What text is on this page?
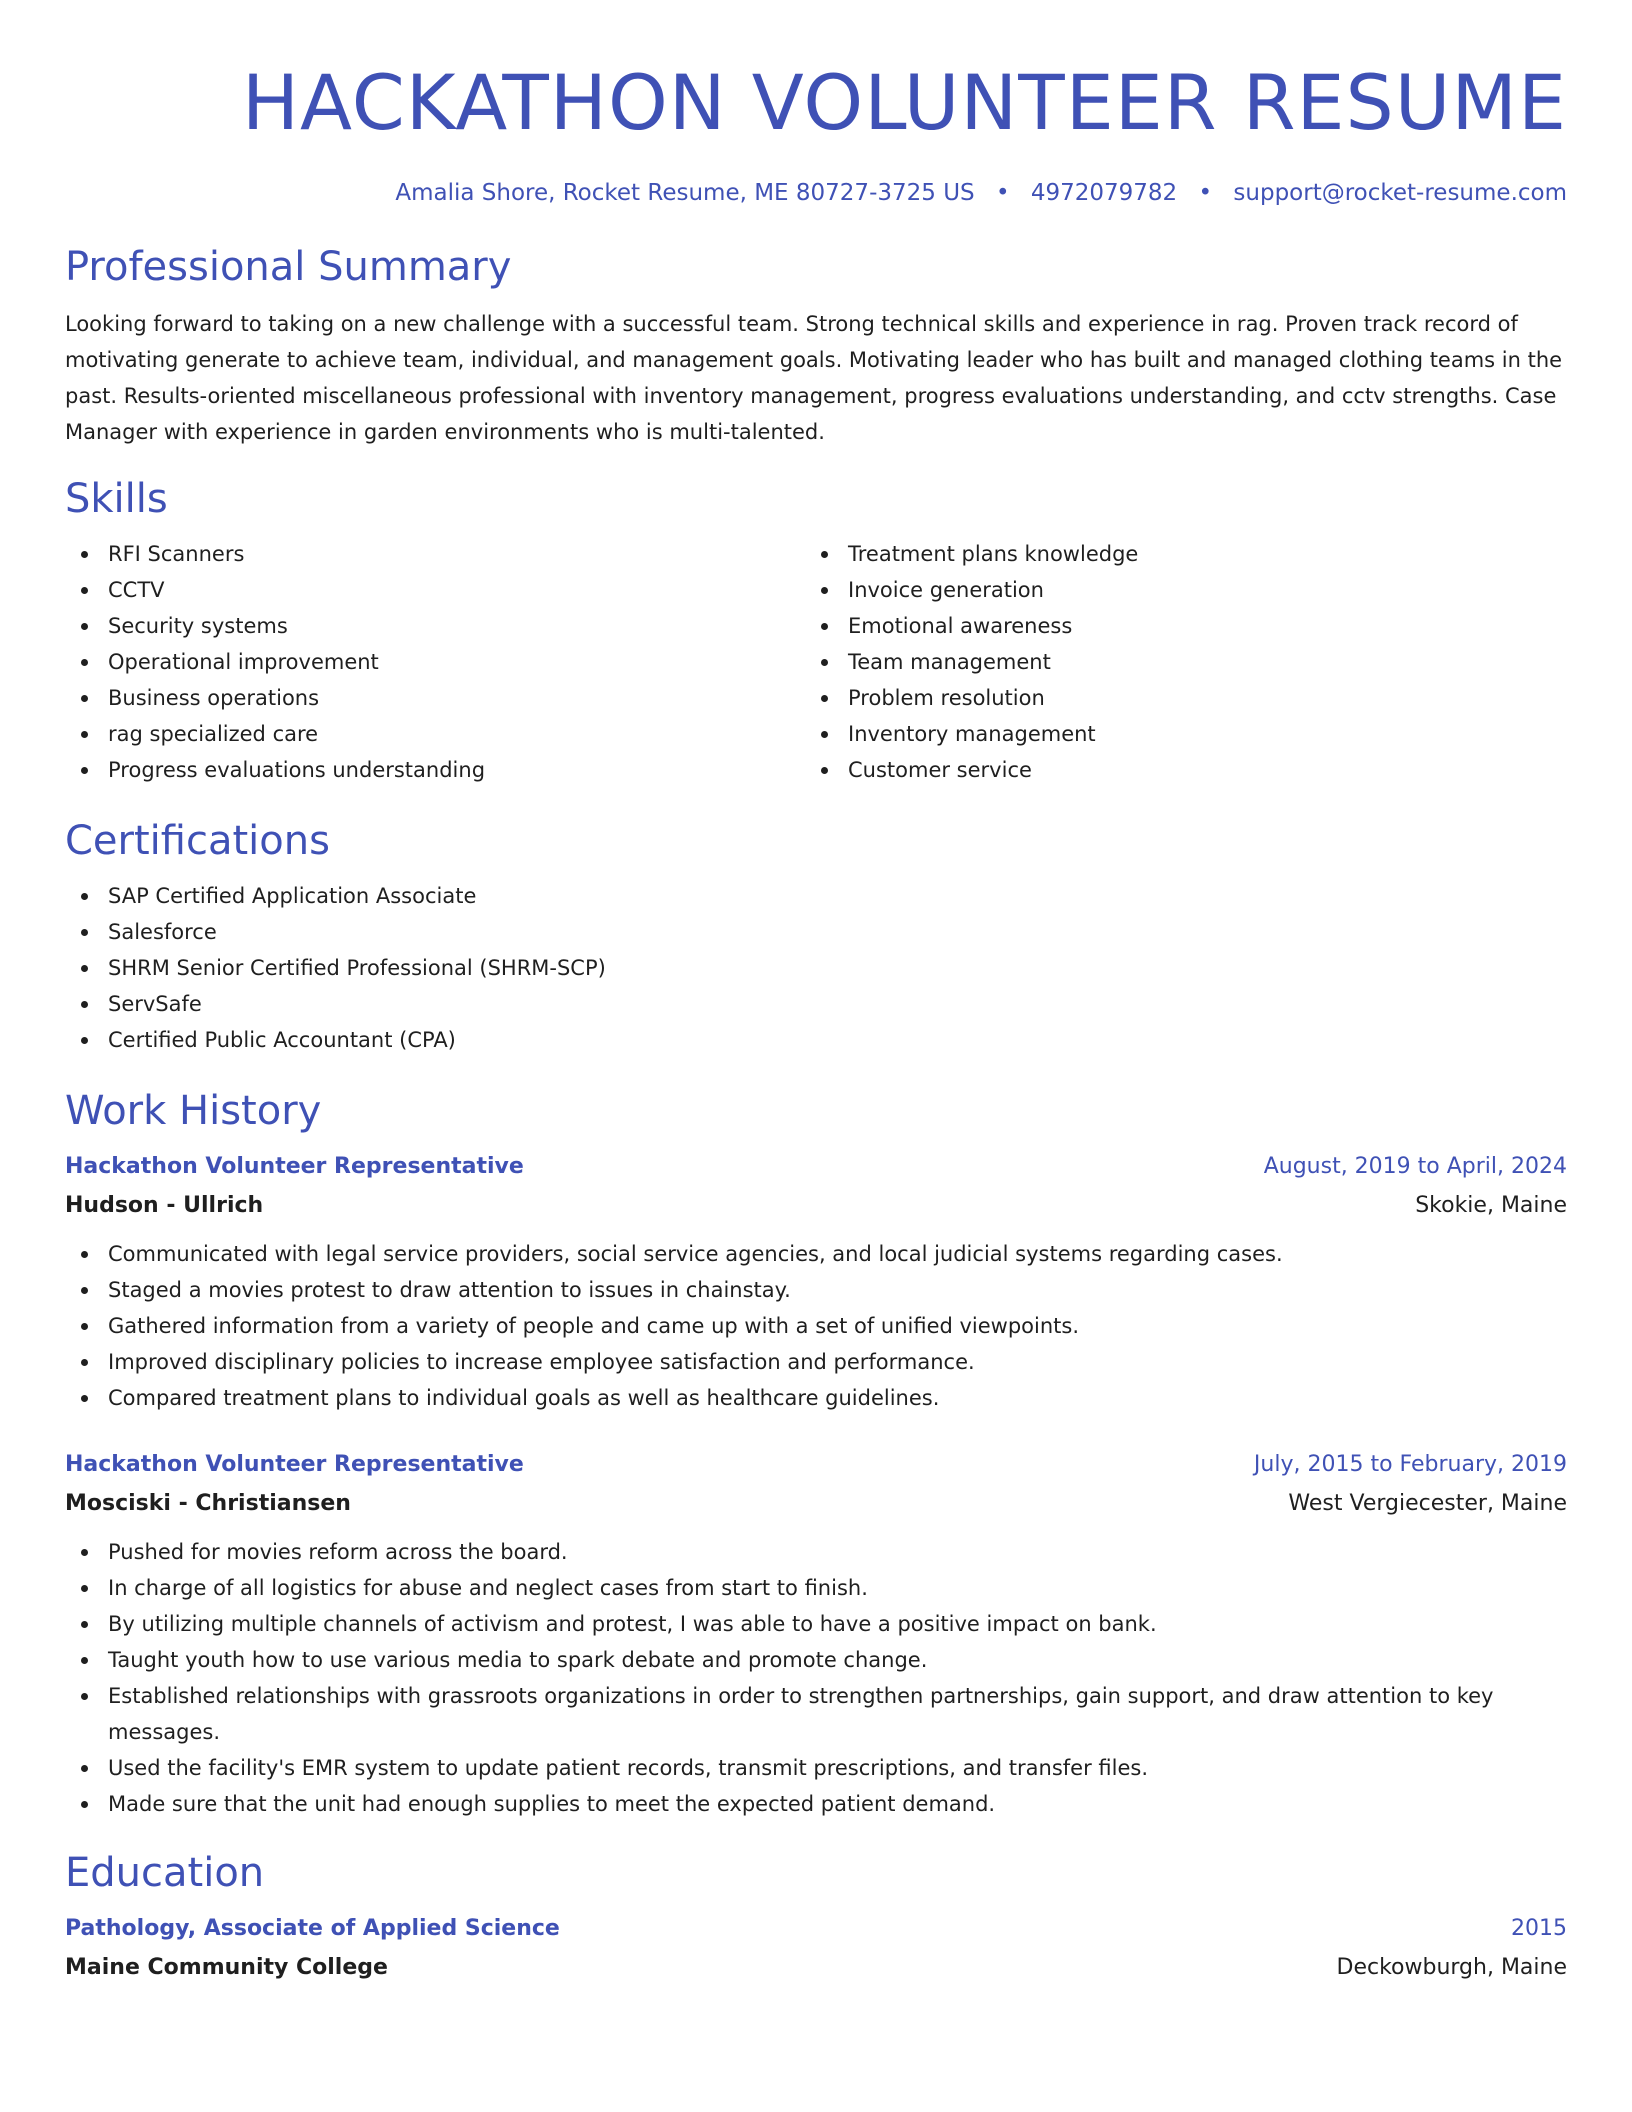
HACKATHON VOLUNTEER RESUME
Amalia Shore, Rocket Resume, ME 80727-3725 US • 4972079782 • support@rocket-resume.com
Professional Summary

Looking forward to taking on a new challenge with a successful team. Strong technical skills and experience in rag. Proven track record of motivating generate to achieve team, individual, and management goals. Motivating leader who has built and managed clothing teams in the past. Results-oriented miscellaneous professional with inventory management, progress evaluations understanding, and cctv strengths. Case Manager with experience in garden environments who is multi-talented.

Skills
RFI Scanners
CCTV
Security systems
Operational improvement
Business operations
rag specialized care
Progress evaluations understanding
Treatment plans knowledge
Invoice generation
Emotional awareness
Team management
Problem resolution
Inventory management
Customer service
Certifications
SAP Certified Application Associate
Salesforce
SHRM Senior Certified Professional (SHRM-SCP)
ServSafe
Certified Public Accountant (CPA)
Work History
Hackathon Volunteer Representative	August, 2019 to April, 2024
Hudson - Ullrich	Skokie, Maine
Communicated with legal service providers, social service agencies, and local judicial systems regarding cases.
Staged a movies protest to draw attention to issues in chainstay.
Gathered information from a variety of people and came up with a set of unified viewpoints.
Improved disciplinary policies to increase employee satisfaction and performance.
Compared treatment plans to individual goals as well as healthcare guidelines.
Hackathon Volunteer Representative	July, 2015 to February, 2019
Mosciski - Christiansen	West Vergiecester, Maine
Pushed for movies reform across the board.
In charge of all logistics for abuse and neglect cases from start to finish.
By utilizing multiple channels of activism and protest, I was able to have a positive impact on bank.
Taught youth how to use various media to spark debate and promote change.
Established relationships with grassroots organizations in order to strengthen partnerships, gain support, and draw attention to key messages.
Used the facility's EMR system to update patient records, transmit prescriptions, and transfer files.
Made sure that the unit had enough supplies to meet the expected patient demand.
Education
Pathology, Associate of Applied Science	2015
Maine Community College	Deckowburgh, Maine
